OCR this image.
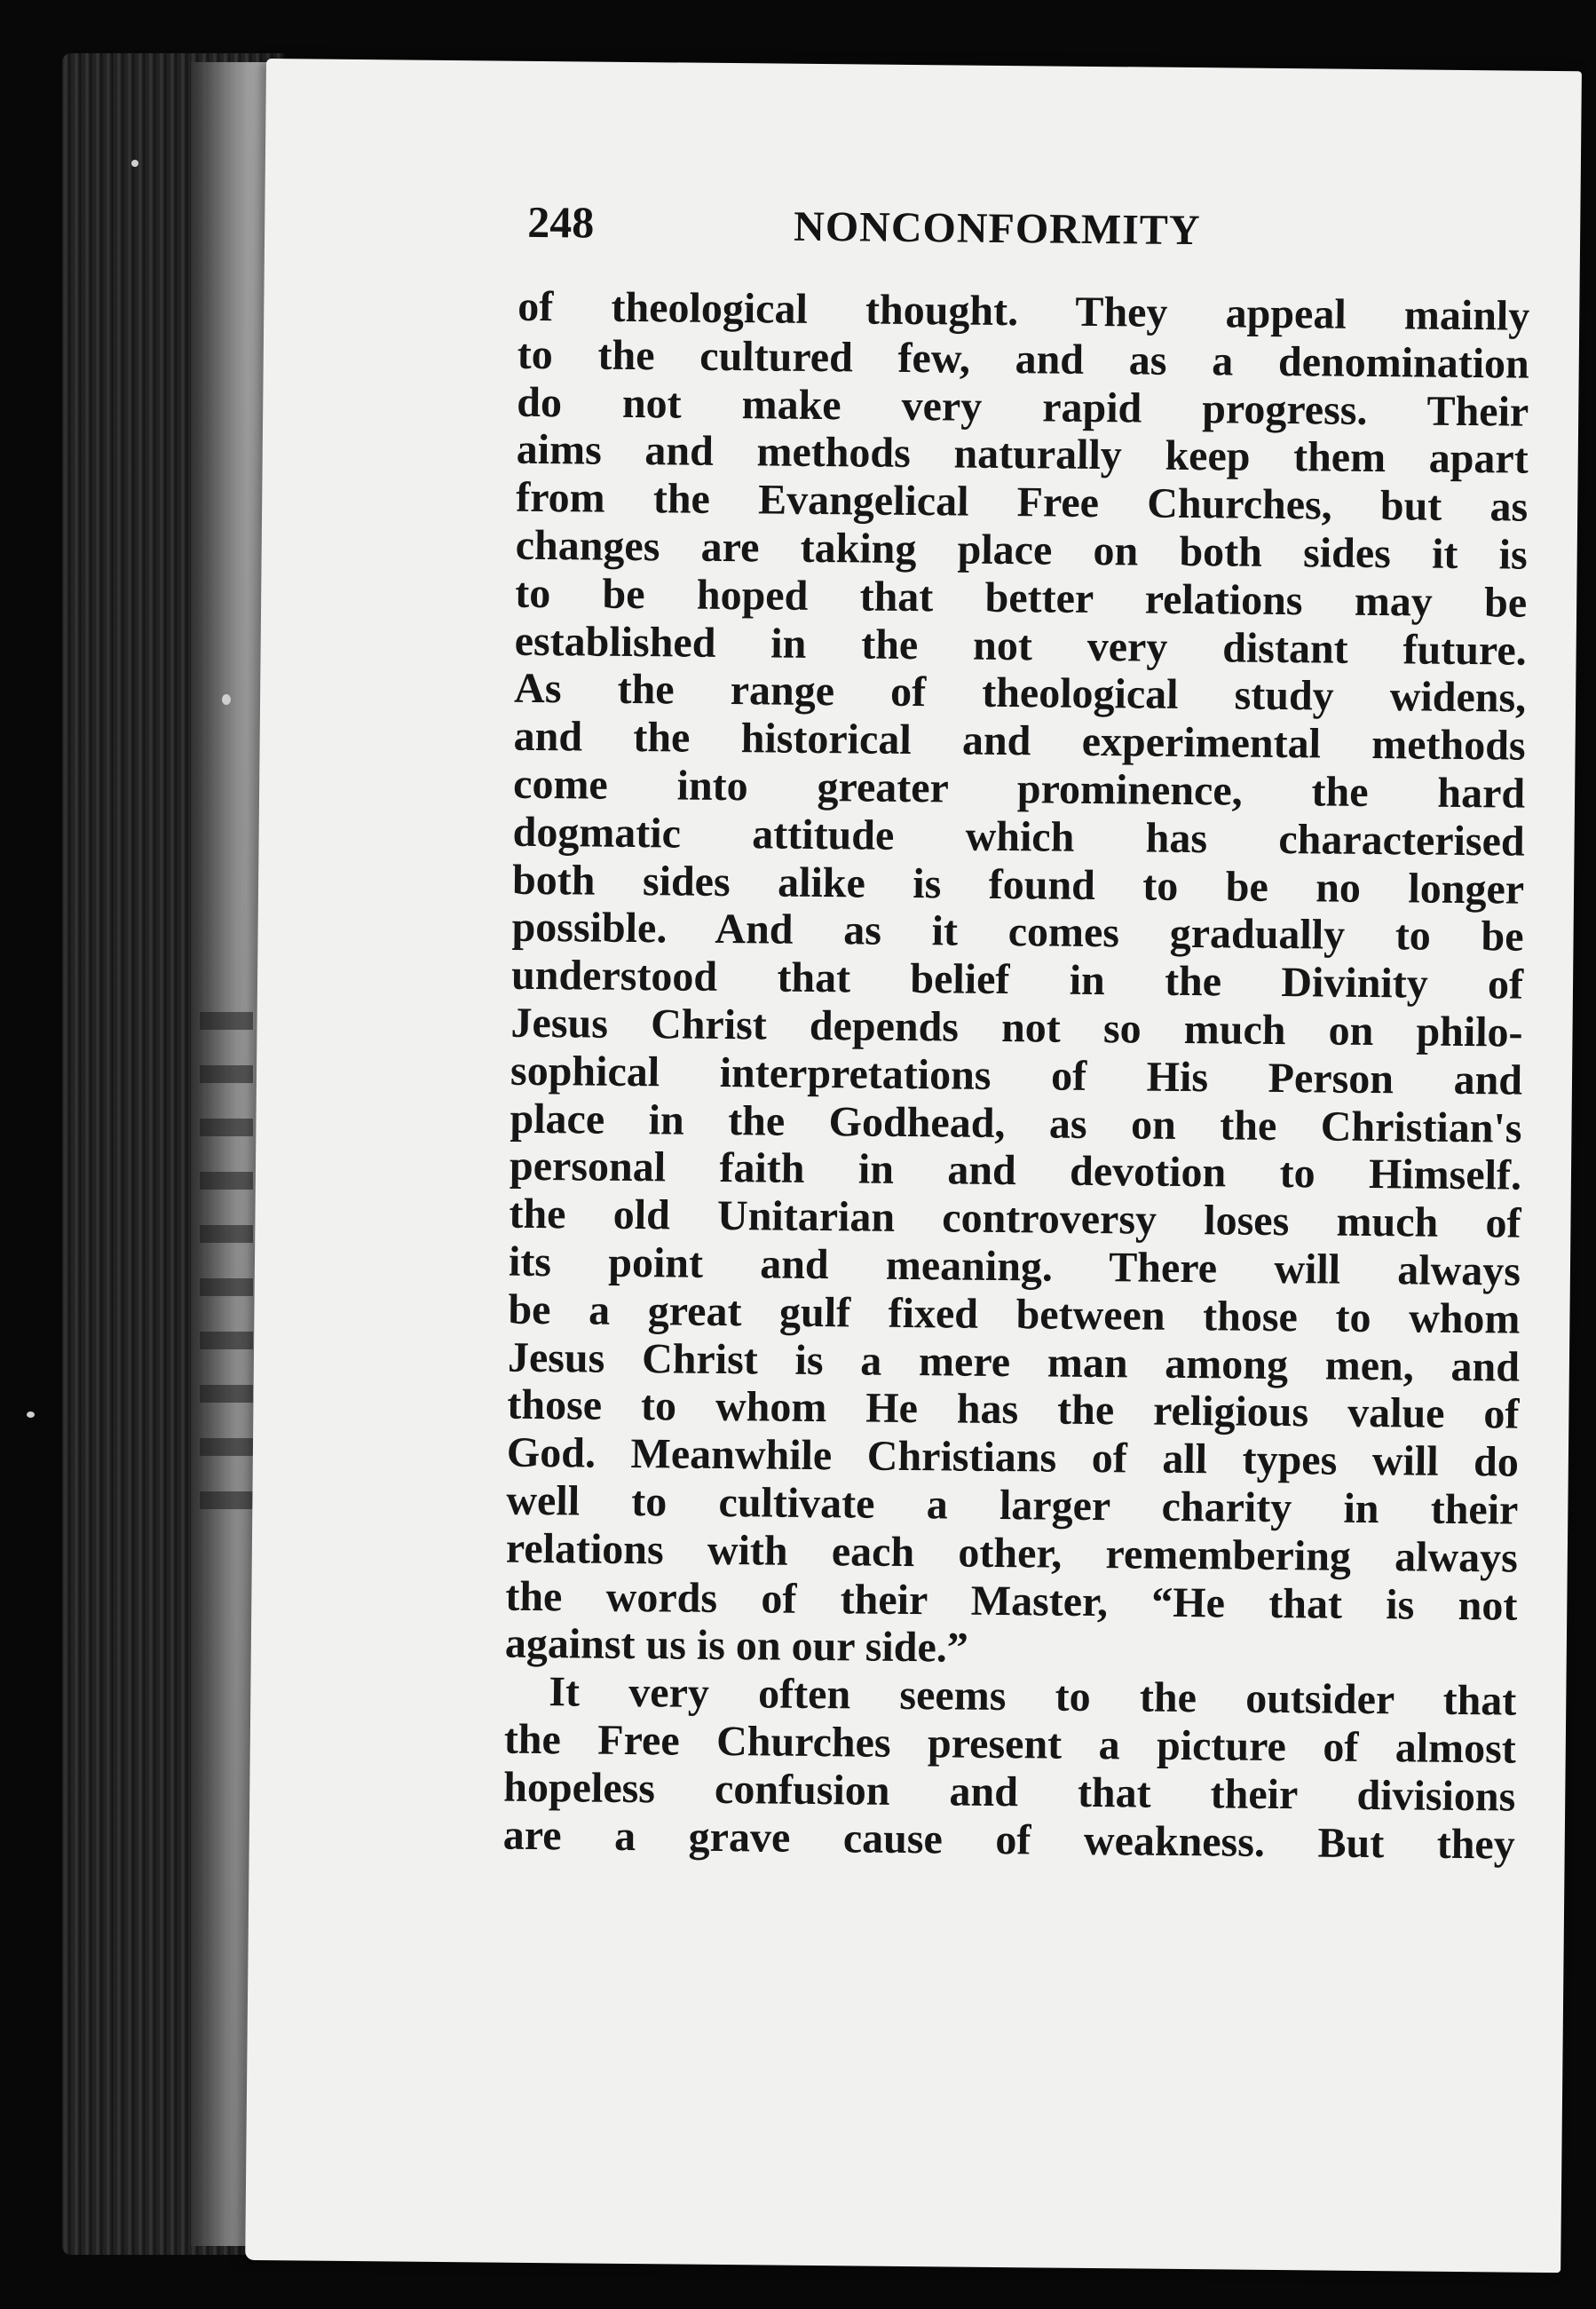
248	NONCONFORMITY
of theological thought. They appeal mainly
to the cultured few, and as a denomination
do not make very rapid progress. Their
aims and methods naturally keep them apart
from the Evangelical Free Churches, but as
changes are taking place on both sides it is
to be hoped that better relations may be
established in the not very distant future.
As the range of theological study widens,
and the historical and experimental methods
come into greater prominence, the hard
dogmatic attitude which has characterised
both sides alike is found to be no longer
possible. And as it comes gradually to be
understood that belief in the Divinity of
Jesus Christ depends not so much on philo-
sophical interpretations of His Person and
place in the Godhead, as on the Christian's
personal faith in and devotion to Himself.
the old Unitarian controversy loses much of
its point and meaning. There will always
be a great gulf fixed between those to whom
Jesus Christ is a mere man among men, and
those to whom He has the religious value of
God. Meanwhile Christians of all types will do
well to cultivate a larger charity in their
relations with each other, remembering always
the words of their Master, “He that is not
against us is on our side.”
It very often seems to the outsider that
the Free Churches present a picture of almost
hopeless confusion and that their divisions
are a grave cause of weakness. But they
